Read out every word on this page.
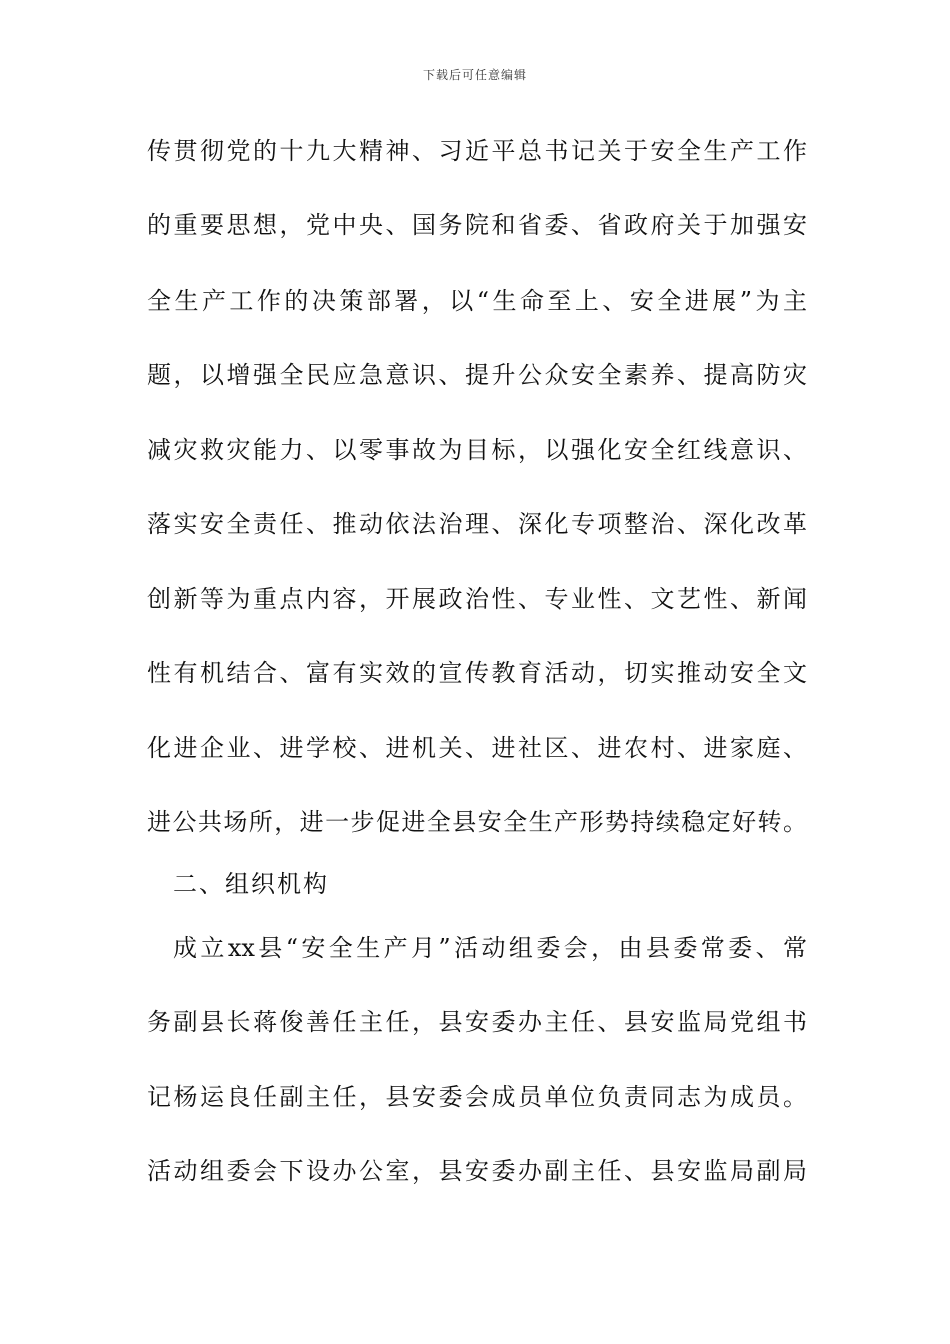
下载后可任意编辑
传贯彻党的十九大精神、习近平总书记关于安全生产工作
的重要思想，党中央、国务院和省委、省政府关于加强安
全生产工作的决策部署，以“生命至上、安全进展”为主
题，以增强全民应急意识、提升公众安全素养、提高防灾
减灾救灾能力、以零事故为目标，以强化安全红线意识、
落实安全责任、推动依法治理、深化专项整治、深化改革
创新等为重点内容，开展政治性、专业性、文艺性、新闻
性有机结合、富有实效的宣传教育活动，切实推动安全文
化进企业、进学校、进机关、进社区、进农村、进家庭、
进公共场所，进一步促进全县安全生产形势持续稳定好转。
二、组织机构
成立xx县“安全生产月”活动组委会，由县委常委、常
务副县长蒋俊善任主任，县安委办主任、县安监局党组书
记杨运良任副主任，县安委会成员单位负责同志为成员。
活动组委会下设办公室，县安委办副主任、县安监局副局
